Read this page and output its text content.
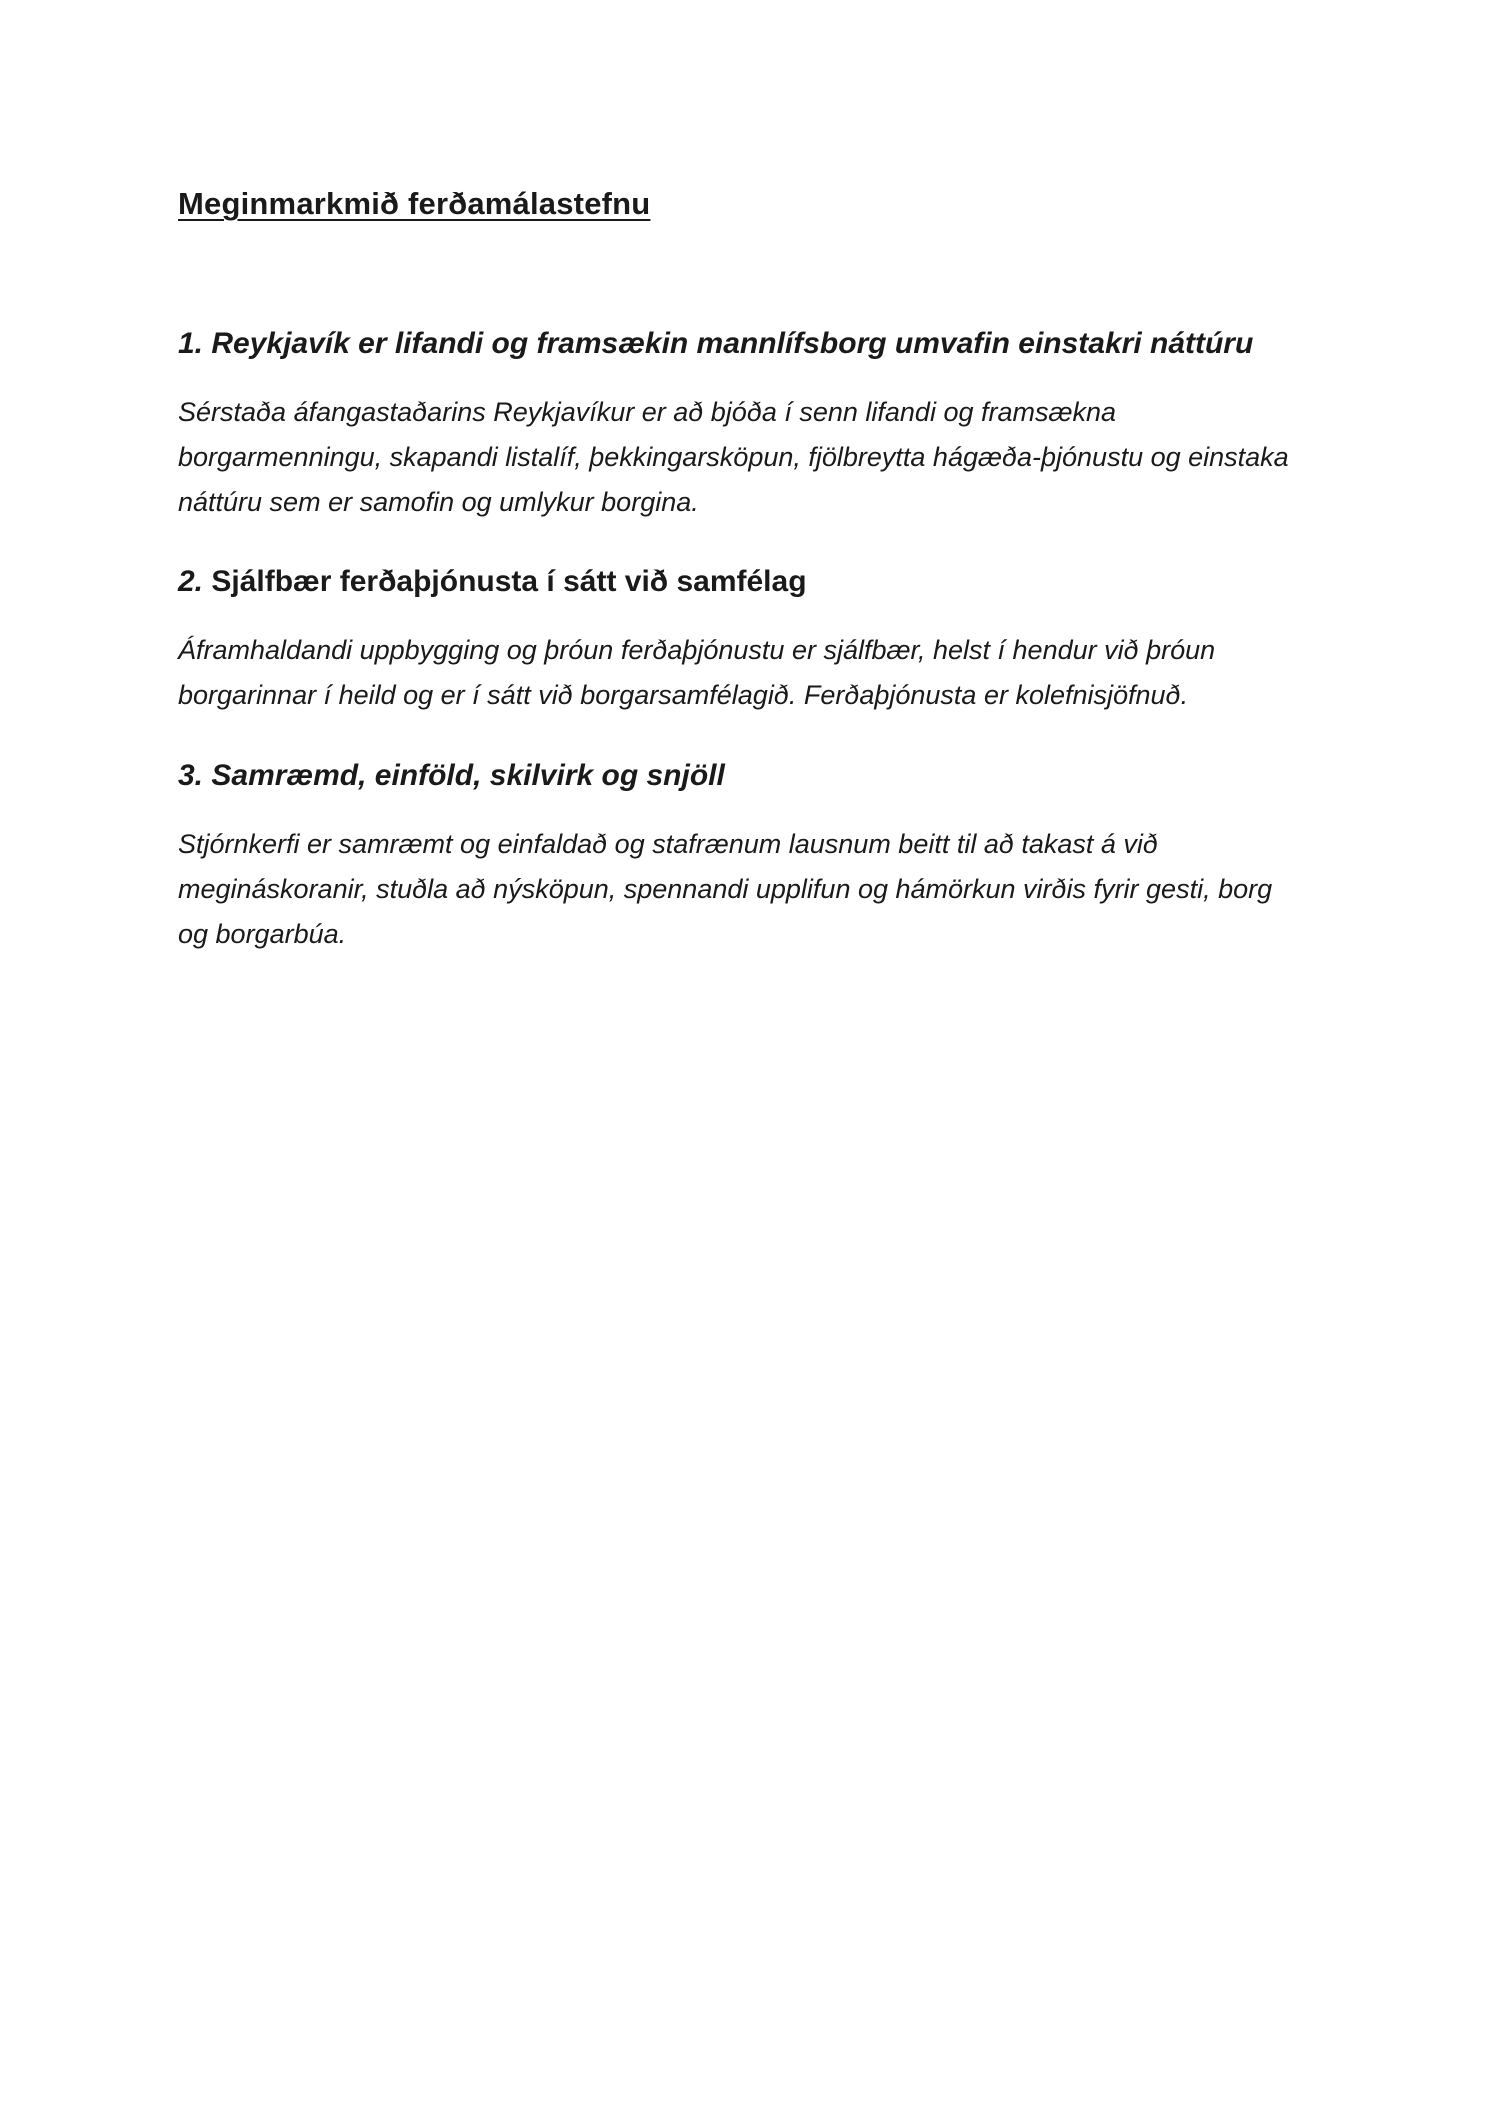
Meginmarkmið ferðamálastefnu
1. Reykjavík er lifandi og framsækin mannlífsborg umvafin einstakri náttúru

Sérstaða áfangastaðarins Reykjavíkur er að bjóða í senn lifandi og framsækna borgarmenningu, skapandi listalíf, þekkingarsköpun, fjölbreytta hágæða-þjónustu og einstaka náttúru sem er samofin og umlykur borgina.

2. Sjálfbær ferðaþjónusta í sátt við samfélag

Áframhaldandi uppbygging og þróun ferðaþjónustu er sjálfbær, helst í hendur við þróun borgarinnar í heild og er í sátt við borgarsamfélagið. Ferðaþjónusta er kolefnisjöfnuð.

3. Samræmd, einföld, skilvirk og snjöll

Stjórnkerfi er samræmt og einfaldað og stafrænum lausnum beitt til að takast á við megináskoranir, stuðla að nýsköpun, spennandi upplifun og hámörkun virðis fyrir gesti, borg og borgarbúa.
